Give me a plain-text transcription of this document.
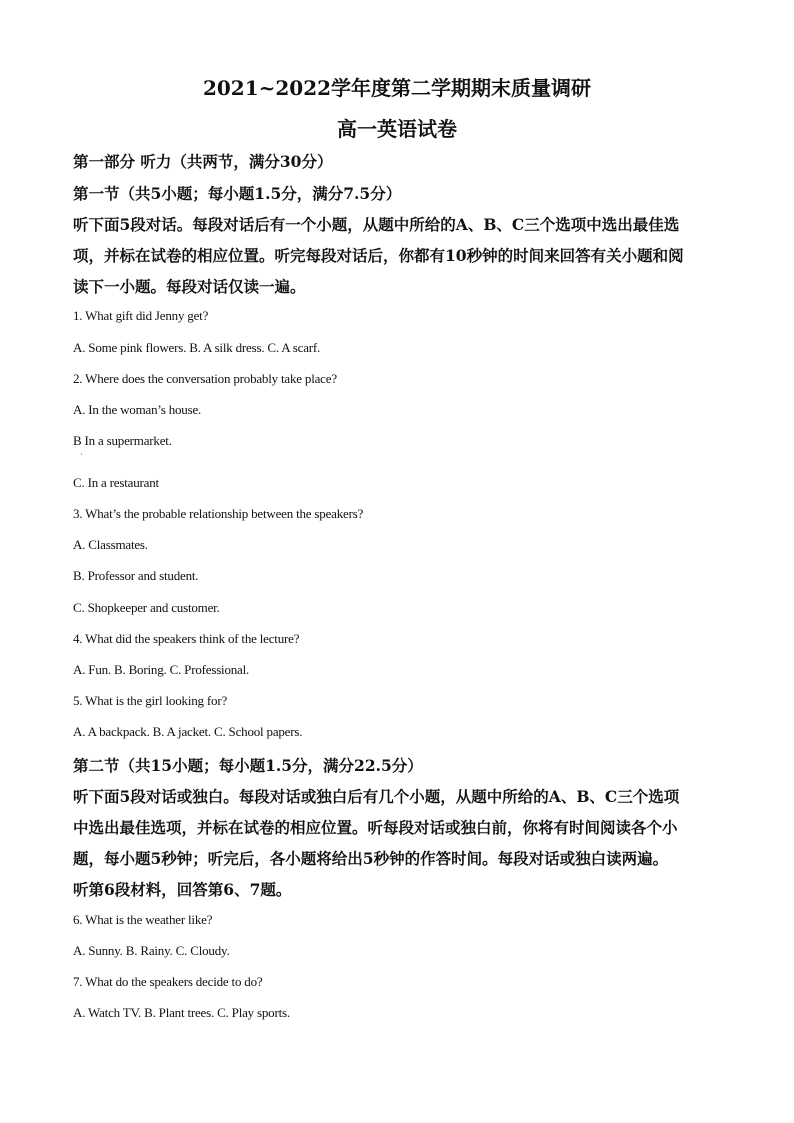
2021~2022学年度第二学期期末质量调研
高一英语试卷
第一部分 听力（共两节，满分30分）
第一节（共5小题；每小题1.5分，满分7.5分）
听下面5段对话。每段对话后有一个小题，从题中所给的A、B、C三个选项中选出最佳选
项，并标在试卷的相应位置。听完每段对话后，你都有10秒钟的时间来回答有关小题和阅
读下一小题。每段对话仅读一遍。
1. What gift did Jenny get?
A. Some pink flowers. B. A silk dress. C. A scarf.
2. Where does the conversation probably take place?
A. In the woman’s house.
B In a supermarket.
·
C. In a restaurant
3. What’s the probable relationship between the speakers?
A. Classmates.
B. Professor and student.
C. Shopkeeper and customer.
4. What did the speakers think of the lecture?
A. Fun. B. Boring. C. Professional.
5. What is the girl looking for?
A. A backpack. B. A jacket. C. School papers.
第二节（共15小题；每小题1.5分，满分22.5分）
听下面5段对话或独白。每段对话或独白后有几个小题，从题中所给的A、B、C三个选项
中选出最佳选项，并标在试卷的相应位置。听每段对话或独白前，你将有时间阅读各个小
题，每小题5秒钟；听完后，各小题将给出5秒钟的作答时间。每段对话或独白读两遍。
听第6段材料，回答第6、7题。
6. What is the weather like?
A. Sunny. B. Rainy. C. Cloudy.
7. What do the speakers decide to do?
A. Watch TV. B. Plant trees. C. Play sports.
